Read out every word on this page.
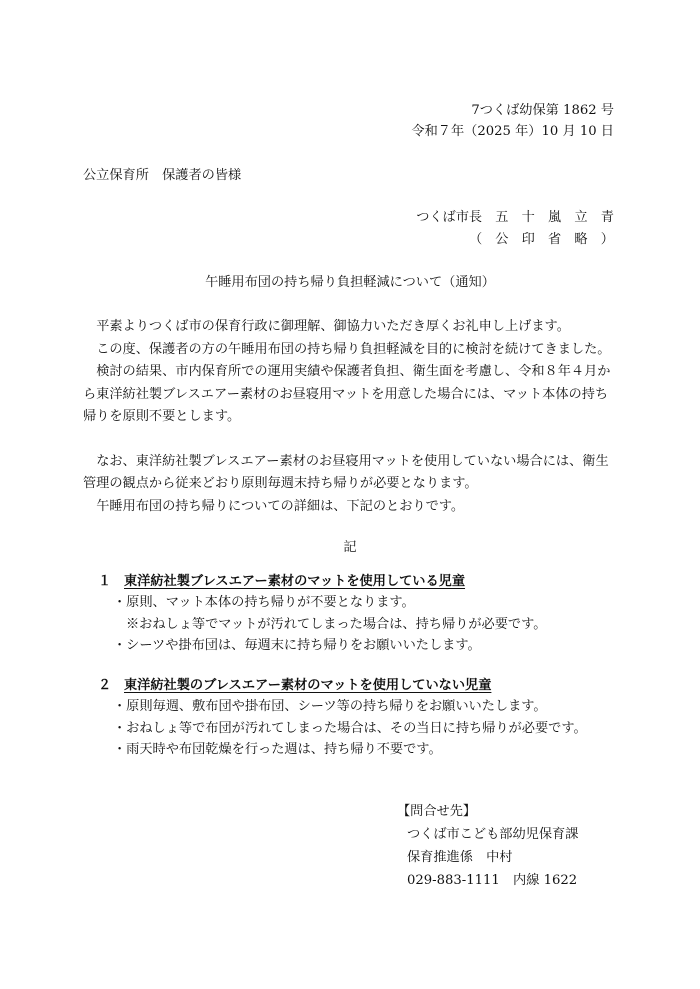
7つくば幼保第 1862 号
令和７年（2025 年）10 月 10 日
公立保育所　保護者の皆様
つくば市長　五　十　嵐　立　青
（　公　印　省　略　）
午睡用布団の持ち帰り負担軽減について（通知）

平素よりつくば市の保育行政に御理解、御協力いただき厚くお礼申し上げます。

この度、保護者の方の午睡用布団の持ち帰り負担軽減を目的に検討を続けてきました。

検討の結果、市内保育所での運用実績や保護者負担、衛生面を考慮し、令和８年４月から東洋紡社製ブレスエアー素材のお昼寝用マットを用意した場合には、マット本体の持ち帰りを原則不要とします。

なお、東洋紡社製ブレスエアー素材のお昼寝用マットを使用していない場合には、衛生管理の観点から従来どおり原則毎週末持ち帰りが必要となります。

午睡用布団の持ち帰りについての詳細は、下記のとおりです。

記
１ 東洋紡社製ブレスエアー素材のマットを使用している児童
・原則、マット本体の持ち帰りが不要となります。
※おねしょ等でマットが汚れてしまった場合は、持ち帰りが必要です。
・シーツや掛布団は、毎週末に持ち帰りをお願いいたします。
２ 東洋紡社製のブレスエアー素材のマットを使用していない児童
・原則毎週、敷布団や掛布団、シーツ等の持ち帰りをお願いいたします。
・おねしょ等で布団が汚れてしまった場合は、その当日に持ち帰りが必要です。
・雨天時や布団乾燥を行った週は、持ち帰り不要です。
【問合せ先】
つくば市こども部幼児保育課
保育推進係　中村
029-883-1111　内線 1622
